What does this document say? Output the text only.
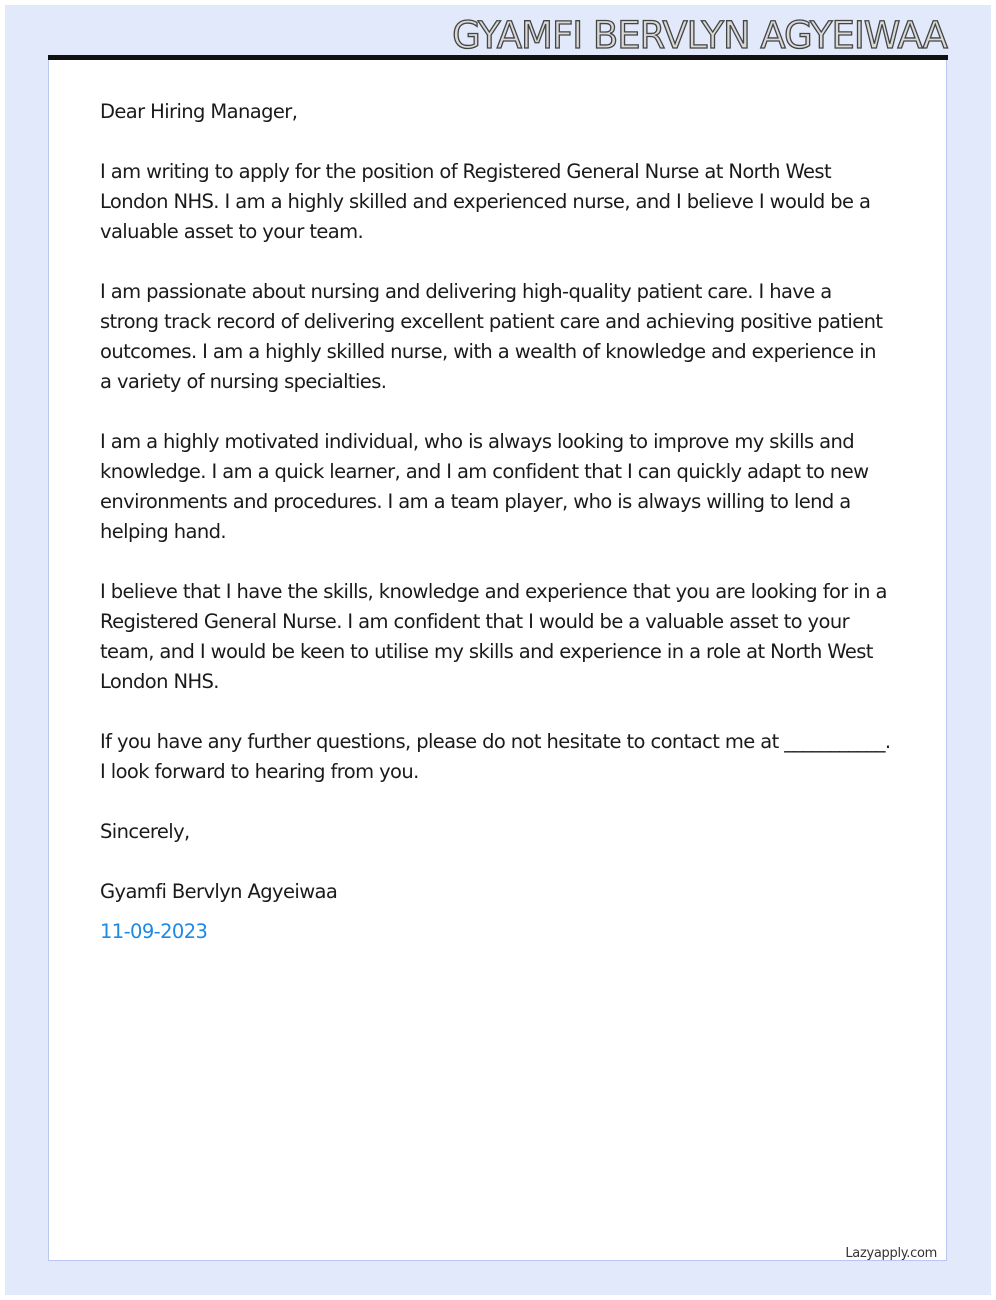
GYAMFI BERVLYN AGYEIWAA

Dear Hiring Manager,

I am writing to apply for the position of Registered General Nurse at North West London NHS. I am a highly skilled and experienced nurse, and I believe I would be a valuable asset to your team.

I am passionate about nursing and delivering high-quality patient care. I have a strong track record of delivering excellent patient care and achieving positive patient outcomes. I am a highly skilled nurse, with a wealth of knowledge and experience in a variety of nursing specialties.

I am a highly motivated individual, who is always looking to improve my skills and knowledge. I am a quick learner, and I am confident that I can quickly adapt to new environments and procedures. I am a team player, who is always willing to lend a helping hand.

I believe that I have the skills, knowledge and experience that you are looking for in a Registered General Nurse. I am confident that I would be a valuable asset to your team, and I would be keen to utilise my skills and experience in a role at North West London NHS.

If you have any further questions, please do not hesitate to contact me at ___________. I look forward to hearing from you.

Sincerely,

Gyamfi Bervlyn Agyeiwaa

11-09-2023

Lazyapply.com
